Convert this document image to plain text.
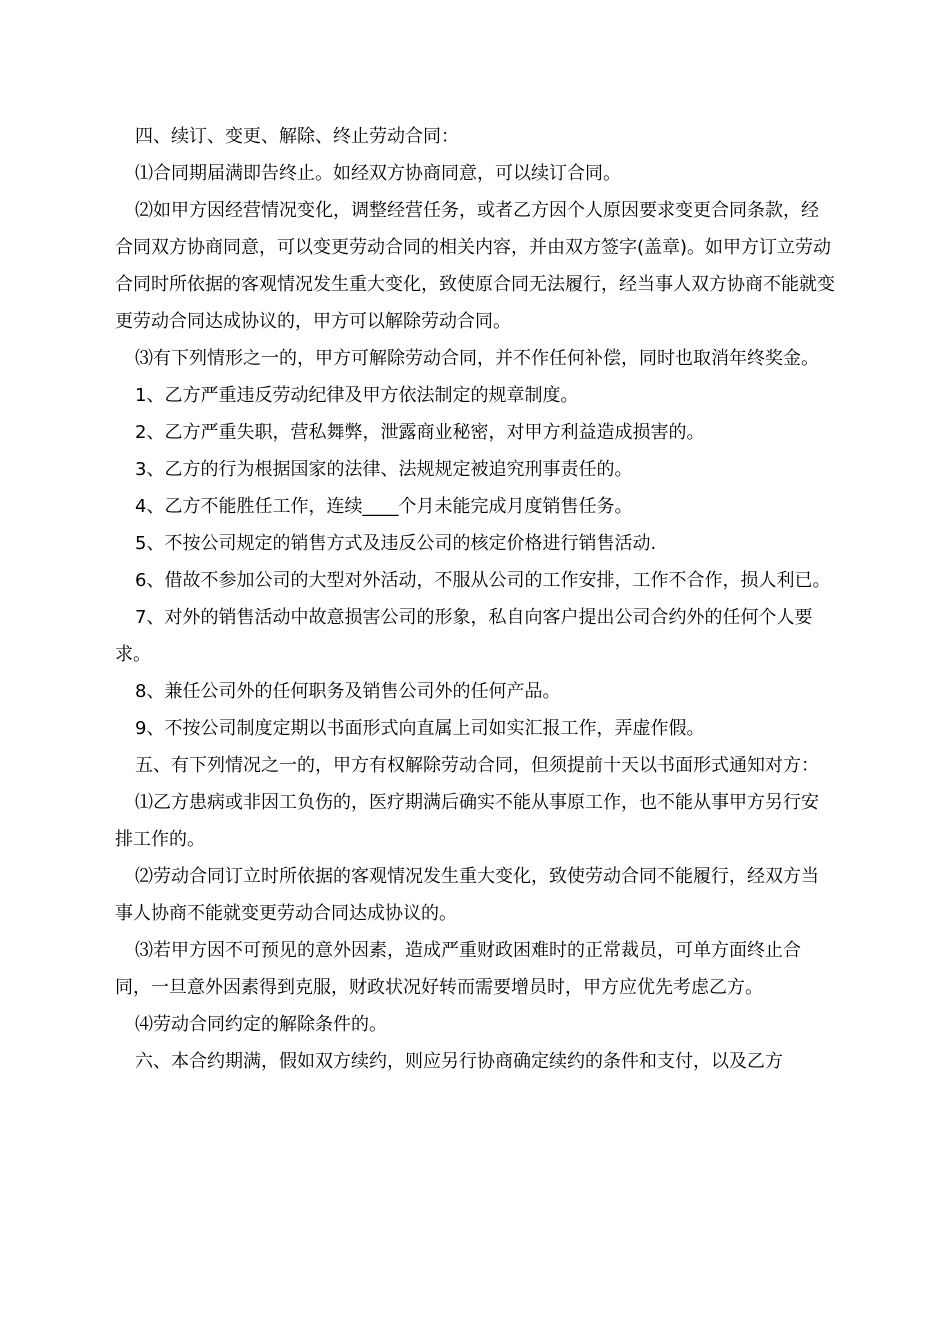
四、续订、变更、解除、终止劳动合同：

⑴合同期届满即告终止。如经双方协商同意，可以续订合同。

⑵如甲方因经营情况变化，调整经营任务，或者乙方因个人原因要求变更合同条款，经合同双方协商同意，可以变更劳动合同的相关内容，并由双方签字(盖章)。如甲方订立劳动合同时所依据的客观情况发生重大变化，致使原合同无法履行，经当事人双方协商不能就变更劳动合同达成协议的，甲方可以解除劳动合同。

⑶有下列情形之一的，甲方可解除劳动合同，并不作任何补偿，同时也取消年终奖金。

1、乙方严重违反劳动纪律及甲方依法制定的规章制度。

2、乙方严重失职，营私舞弊，泄露商业秘密，对甲方利益造成损害的。

3、乙方的行为根据国家的法律、法规规定被追究刑事责任的。

4、乙方不能胜任工作，连续____个月未能完成月度销售任务。

5、不按公司规定的销售方式及违反公司的核定价格进行销售活动.

6、借故不参加公司的大型对外活动，不服从公司的工作安排，工作不合作，损人利已。

7、对外的销售活动中故意损害公司的形象，私自向客户提出公司合约外的任何个人要求。

8、兼任公司外的任何职务及销售公司外的任何产品。

9、不按公司制度定期以书面形式向直属上司如实汇报工作，弄虚作假。

五、有下列情况之一的，甲方有权解除劳动合同，但须提前十天以书面形式通知对方：

⑴乙方患病或非因工负伤的，医疗期满后确实不能从事原工作，也不能从事甲方另行安排工作的。

⑵劳动合同订立时所依据的客观情况发生重大变化，致使劳动合同不能履行，经双方当事人协商不能就变更劳动合同达成协议的。

⑶若甲方因不可预见的意外因素，造成严重财政困难时的正常裁员，可单方面终止合同，一旦意外因素得到克服，财政状况好转而需要增员时，甲方应优先考虑乙方。

⑷劳动合同约定的解除条件的。

六、本合约期满，假如双方续约，则应另行协商确定续约的条件和支付，以及乙方
